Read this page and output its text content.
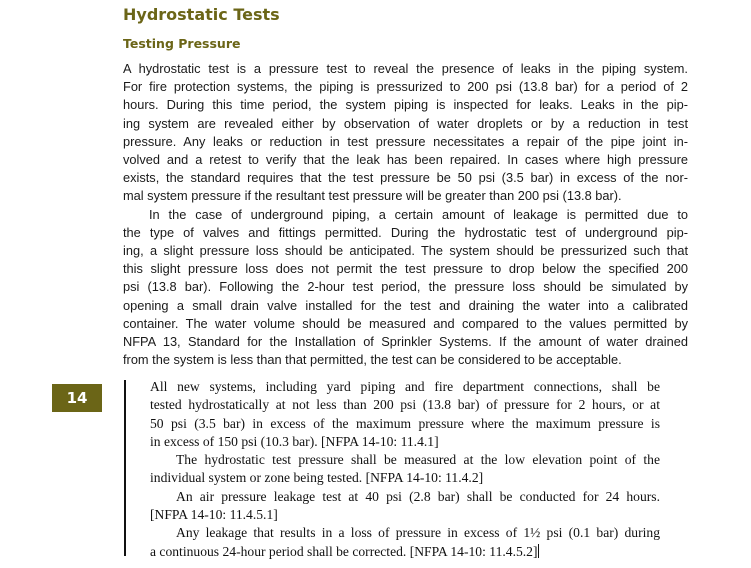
Hydrostatic Tests
Testing Pressure
A hydrostatic test is a pressure test to reveal the presence of leaks in the piping system.
For fire protection systems, the piping is pressurized to 200 psi (13.8 bar) for a period of 2
hours. During this time period, the system piping is inspected for leaks. Leaks in the pip-
ing system are revealed either by observation of water droplets or by a reduction in test
pressure. Any leaks or reduction in test pressure necessitates a repair of the pipe joint in-
volved and a retest to verify that the leak has been repaired. In cases where high pressure
exists, the standard requires that the test pressure be 50 psi (3.5 bar) in excess of the nor-
mal system pressure if the resultant test pressure will be greater than 200 psi (13.8 bar).
In the case of underground piping, a certain amount of leakage is permitted due to
the type of valves and fittings permitted. During the hydrostatic test of underground pip-
ing, a slight pressure loss should be anticipated. The system should be pressurized such that
this slight pressure loss does not permit the test pressure to drop below the specified 200
psi (13.8 bar). Following the 2-hour test period, the pressure loss should be simulated by
opening a small drain valve installed for the test and draining the water into a calibrated
container. The water volume should be measured and compared to the values permitted by
NFPA 13, Standard for the Installation of Sprinkler Systems. If the amount of water drained
from the system is less than that permitted, the test can be considered to be acceptable.
14
All new systems, including yard piping and fire department connections, shall be
tested hydrostatically at not less than 200 psi (13.8 bar) of pressure for 2 hours, or at
50 psi (3.5 bar) in excess of the maximum pressure where the maximum pressure is
in excess of 150 psi (10.3 bar). [NFPA 14-10: 11.4.1]
The hydrostatic test pressure shall be measured at the low elevation point of the
individual system or zone being tested. [NFPA 14-10: 11.4.2]
An air pressure leakage test at 40 psi (2.8 bar) shall be conducted for 24 hours.
[NFPA 14-10: 11.4.5.1]
Any leakage that results in a loss of pressure in excess of 1½ psi (0.1 bar) during
a continuous 24-hour period shall be corrected. [NFPA 14-10: 11.4.5.2]
